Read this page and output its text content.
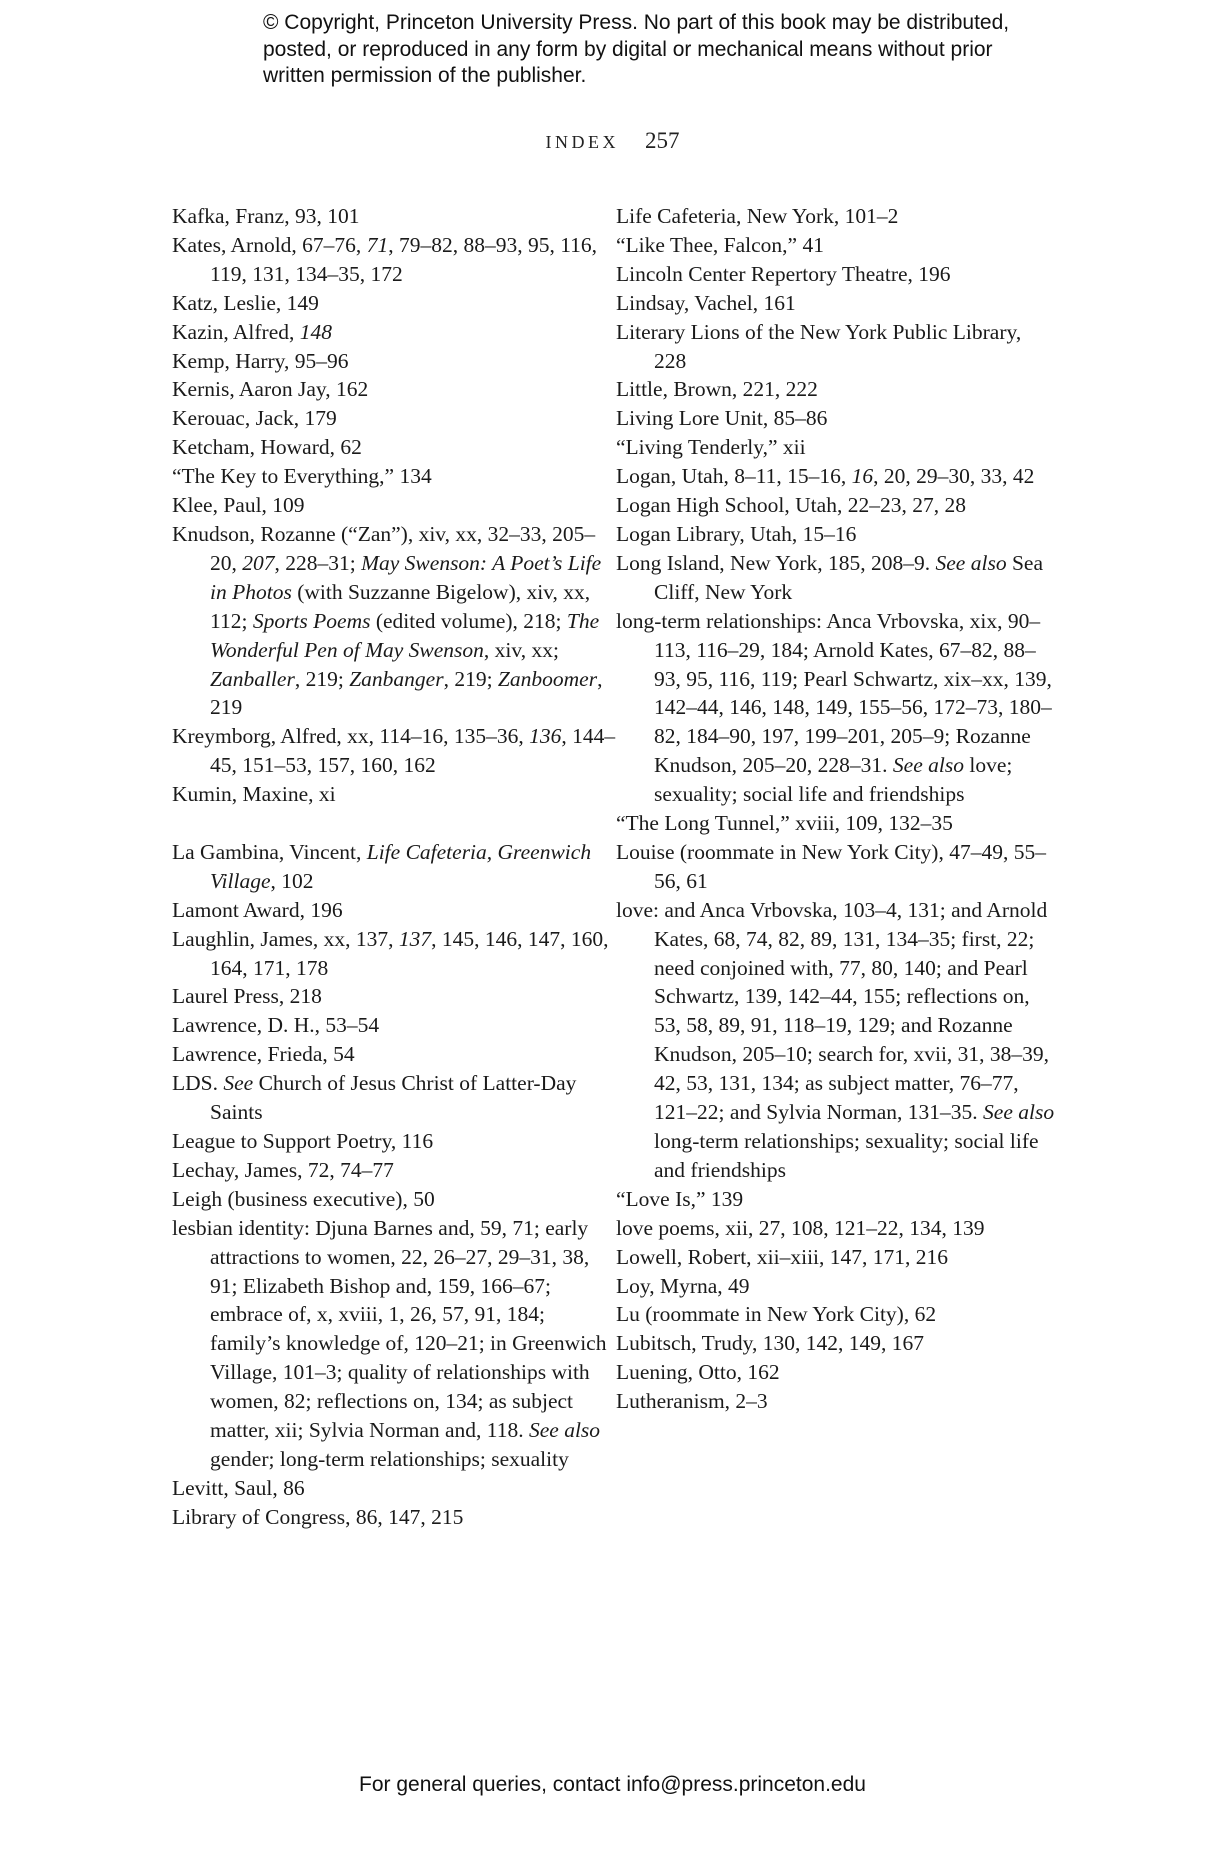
© Copyright, Princeton University Press. No part of this book may be distributed, posted, or reproduced in any form by digital or mechanical means without prior written permission of the publisher.
INDEX 257
Kafka, Franz, 93, 101
Kates, Arnold, 67–76, 71, 79–82, 88–93, 95, 116, 119, 131, 134–35, 172
Katz, Leslie, 149
Kazin, Alfred, 148
Kemp, Harry, 95–96
Kernis, Aaron Jay, 162
Kerouac, Jack, 179
Ketcham, Howard, 62
“The Key to Everything,” 134
Klee, Paul, 109
Knudson, Rozanne (“Zan”), xiv, xx, 32–33, 205–20, 207, 228–31; May Swenson: A Poet’s Life in Photos (with Suzzanne Bigelow), xiv, xx, 112; Sports Poems (edited volume), 218; The Wonderful Pen of May Swenson, xiv, xx; Zanballer, 219; Zanbanger, 219; Zanboomer, 219
Kreymborg, Alfred, xx, 114–16, 135–36, 136, 144–45, 151–53, 157, 160, 162
Kumin, Maxine, xi
La Gambina, Vincent, Life Cafeteria, Greenwich Village, 102
Lamont Award, 196
Laughlin, James, xx, 137, 137, 145, 146, 147, 160, 164, 171, 178
Laurel Press, 218
Lawrence, D. H., 53–54
Lawrence, Frieda, 54
LDS. See Church of Jesus Christ of Latter-Day Saints
League to Support Poetry, 116
Lechay, James, 72, 74–77
Leigh (business executive), 50
lesbian identity: Djuna Barnes and, 59, 71; early attractions to women, 22, 26–27, 29–31, 38, 91; Elizabeth Bishop and, 159, 166–67; embrace of, x, xviii, 1, 26, 57, 91, 184; family’s knowledge of, 120–21; in Greenwich Village, 101–3; quality of relationships with women, 82; reflections on, 134; as subject matter, xii; Sylvia Norman and, 118. See also gender; long-term relationships; sexuality
Levitt, Saul, 86
Library of Congress, 86, 147, 215
Life Cafeteria, New York, 101–2
“Like Thee, Falcon,” 41
Lincoln Center Repertory Theatre, 196
Lindsay, Vachel, 161
Literary Lions of the New York Public Library, 228
Little, Brown, 221, 222
Living Lore Unit, 85–86
“Living Tenderly,” xii
Logan, Utah, 8–11, 15–16, 16, 20, 29–30, 33, 42
Logan High School, Utah, 22–23, 27, 28
Logan Library, Utah, 15–16
Long Island, New York, 185, 208–9. See also Sea Cliff, New York
long-term relationships: Anca Vrbovska, xix, 90–113, 116–29, 184; Arnold Kates, 67–82, 88–93, 95, 116, 119; Pearl Schwartz, xix–xx, 139, 142–44, 146, 148, 149, 155–56, 172–73, 180–82, 184–90, 197, 199–201, 205–9; Rozanne Knudson, 205–20, 228–31. See also love; sexuality; social life and friendships
“The Long Tunnel,” xviii, 109, 132–35
Louise (roommate in New York City), 47–49, 55–56, 61
love: and Anca Vrbovska, 103–4, 131; and Arnold Kates, 68, 74, 82, 89, 131, 134–35; first, 22; need conjoined with, 77, 80, 140; and Pearl Schwartz, 139, 142–44, 155; reflections on, 53, 58, 89, 91, 118–19, 129; and Rozanne Knudson, 205–10; search for, xvii, 31, 38–39, 42, 53, 131, 134; as subject matter, 76–77, 121–22; and Sylvia Norman, 131–35. See also long-term relationships; sexuality; social life and friendships
“Love Is,” 139
love poems, xii, 27, 108, 121–22, 134, 139
Lowell, Robert, xii–xiii, 147, 171, 216
Loy, Myrna, 49
Lu (roommate in New York City), 62
Lubitsch, Trudy, 130, 142, 149, 167
Luening, Otto, 162
Lutheranism, 2–3
For general queries, contact info@press.princeton.edu
